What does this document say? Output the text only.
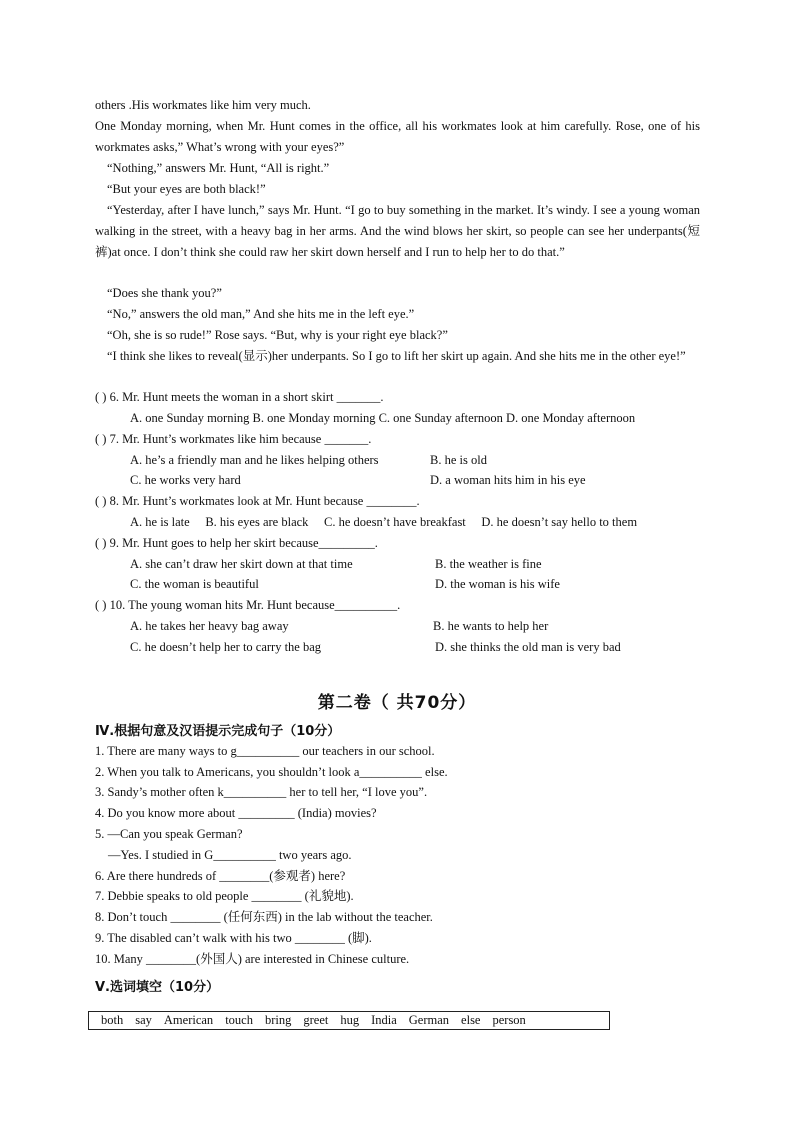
others .His workmates like him very much.
One Monday morning, when Mr. Hunt comes in the office, all his workmates look at him carefully. Rose, one of his workmates asks,” What’s wrong with your eyes?”
“Nothing,” answers Mr. Hunt, “All is right.”
“But your eyes are both black!”
“Yesterday, after I have lunch,” says Mr. Hunt. “I go to buy something in the market. It’s windy. I see a young woman walking in the street, with a heavy bag in her arms. And the wind blows her skirt, so people can see her underpants(短裤)at once. I don’t think she could raw her skirt down herself and I run to help her to do that.”
“Does she thank you?”
“No,” answers the old man,” And she hits me in the left eye.”
“Oh, she is so rude!” Rose says. “But, why is your right eye black?”
“I think she likes to reveal(显示)her underpants. So I go to lift her skirt up again. And she hits me in the other eye!”
( ) 6. Mr. Hunt meets the woman in a short skirt _______.
A. one Sunday morning B. one Monday morning C. one Sunday afternoon D. one Monday afternoon
( ) 7. Mr. Hunt’s workmates like him because _______.
A. he’s a friendly man and he likes helping others	B. he is old
C. he works very hard	D. a woman hits him in his eye
( ) 8. Mr. Hunt’s workmates look at Mr. Hunt because ________.
A. he is late     B. his eyes are black     C. he doesn’t have breakfast     D. he doesn’t say hello to them
( ) 9. Mr. Hunt goes to help her skirt because_________.
A. she can’t draw her skirt down at that time	B. the weather is fine
C. the woman is beautiful	D. the woman is his wife
( ) 10. The young woman hits Mr. Hunt because__________.
A. he takes her heavy bag away	B. he wants to help her
C. he doesn’t help her to carry the bag	D. she thinks the old man is very bad
第二卷（ 共70分）
Ⅳ.根据句意及汉语提示完成句子（10分）
1. There are many ways to g__________ our teachers in our school.
2. When you talk to Americans, you shouldn’t look a__________ else.
3. Sandy’s mother often k__________ her to tell her, “I love you”.
4. Do you know more about _________ (India) movies?
5. —Can you speak German?
—Yes. I studied in G__________ two years ago.
6. Are there hundreds of ________(参观者) here?
7. Debbie speaks to old people ________ (礼貌地).
8. Don’t touch ________ (任何东西) in the lab without the teacher.
9. The disabled can’t walk with his two ________ (脚).
10. Many ________(外国人) are interested in Chinese culture.
Ⅴ.选词填空（10分）
both say American touch bring greet hug India German else person
